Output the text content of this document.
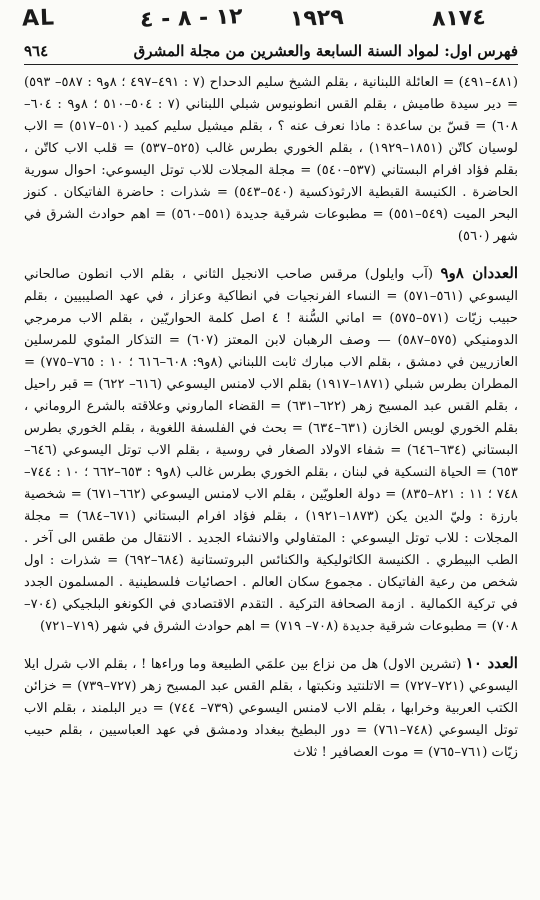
AL	١٢ - ٨ - ٤ ١٩٢٩	٨١٧٤
فهرس اول: لمواد السنة السابعة والعشرين من مجلة المشرق
٩٦٤

(٤٨١–٤٩١) = العائلة اللبنانية ، بقلم الشيخ سليم الدحداح (٧ : ٤٩١–٤٩٧ ؛ ٨و٩ : ٥٨٧– ٥٩٣) = دير سيدة طاميش ، بقلم القس انطونيوس شبلي اللبناني (٧ : ٥٠٤–٥١٠ ؛ ٨و٩ : ٦٠٤–٦٠٨) = قسّ بن ساعدة : ماذا نعرف عنه ؟ ، بقلم ميشيل سليم كميد (٥١٠–٥١٧) = الاب لوسيان كاتّن (١٨٥١–١٩٢٩) ، بقلم الخوري بطرس غالب (٥٢٥–٥٣٧) = قلب الاب كاتّن ، بقلم فؤاد افرام البستاني (٥٣٧–٥٤٠) = مجلة المجلات للاب توتل اليسوعي: احوال سورية الحاضرة . الكنيسة القبطية الارثوذكسية (٥٤٠–٥٤٣) = شذرات : حاضرة الفاتيكان . كنوز البحر الميت (٥٤٩–٥٥١) = مطبوعات شرقية جديدة (٥٥١–٥٦٠) = اهم حوادث الشرق في شهر (٥٦٠)

العددان ٨و٩ (آب وايلول) مرقس صاحب الانجيل الثاني ، بقلم الاب انطون صالحاني اليسوعي (٥٦١–٥٧١) = النساء الفرنجيات في انطاكية وعزاز ، في عهد الصليبيين ، بقلم حبيب زيّات (٥٧١–٥٧٥) = اماني السُّنة ! ٤ اصل كلمة الحواريّين ، بقلم الاب مرمرجي الدومنيكي (٥٧٥–٥٨٧) — وصف الرهبان لابن المعتز (٦٠٧) = التذكار المئوي للمرسلين العازريين في دمشق ، بقلم الاب مبارك ثابت اللبناني (٨و٩: ٦٠٨–٦١٦ ؛ ١٠ : ٧٦٥–٧٧٥) = المطران بطرس شبلي (١٨٧١–١٩١٧) بقلم الاب لامنس اليسوعي (٦١٦– ٦٢٢) = قبر راحيل ، بقلم القس عبد المسيح زهر (٦٢٢–٦٣١) = القضاء الماروني وعلاقته بالشرع الروماني ، بقلم الخوري لويس الخازن (٦٣١–٦٣٤) = بحث في الفلسفة اللغوية ، بقلم الخوري بطرس البستاني (٦٣٤–٦٤٦) = شفاء الاولاد الصغار في روسية ، بقلم الاب توتل اليسوعي (٦٤٦–٦٥٣) = الحياة النسكية في لبنان ، بقلم الخوري بطرس غالب (٨و٩ : ٦٥٣–٦٦٢ ؛ ١٠ : ٧٤٤–٧٤٨ ؛ ١١ : ٨٢١–٨٣٥) = دولة العلويّين ، بقلم الاب لامنس اليسوعي (٦٦٢–٦٧١) = شخصية بارزة : وليّ الدين يكن (١٨٧٣–١٩٢١) ، بقلم فؤاد افرام البستاني (٦٧١–٦٨٤) = مجلة المجلات : للاب توتل اليسوعي : المتفاولي والانشاء الجديد . الانتقال من طقس الى آخر . الطب البيطري . الكنيسة الكاثوليكية والكنائس البروتستانية (٦٨٤–٦٩٢) = شذرات : اول شخص من رعية الفاتيكان . مجموع سكان العالم . احصائيات فلسطينية . المسلمون الجدد في تركية الكمالية . ازمة الصحافة التركية . التقدم الاقتصادي في الكونغو البلجيكي (٧٠٤–٧٠٨) = مطبوعات شرقية جديدة (٧٠٨– ٧١٩) = اهم حوادث الشرق في شهر (٧١٩–٧٢١)

العدد ١٠ (تشرين الاول) هل من نزاع بين علمَي الطبيعة وما وراءها ! ، بقلم الاب شرل ايلا اليسوعي (٧٢١–٧٢٧) = الاتلنتيد ونكبتها ، بقلم القس عبد المسيح زهر (٧٢٧–٧٣٩) = خزائن الكتب العربية وخرابها ، بقلم الاب لامنس اليسوعي (٧٣٩– ٧٤٤) = دير البلمند ، بقلم الاب توتل اليسوعي (٧٤٨–٧٦١) = دور البطيخ ببغداد ودمشق في عهد العباسيين ، بقلم حبيب زيّات (٧٦١–٧٦٥) = موت العصافير ! ثلاث
